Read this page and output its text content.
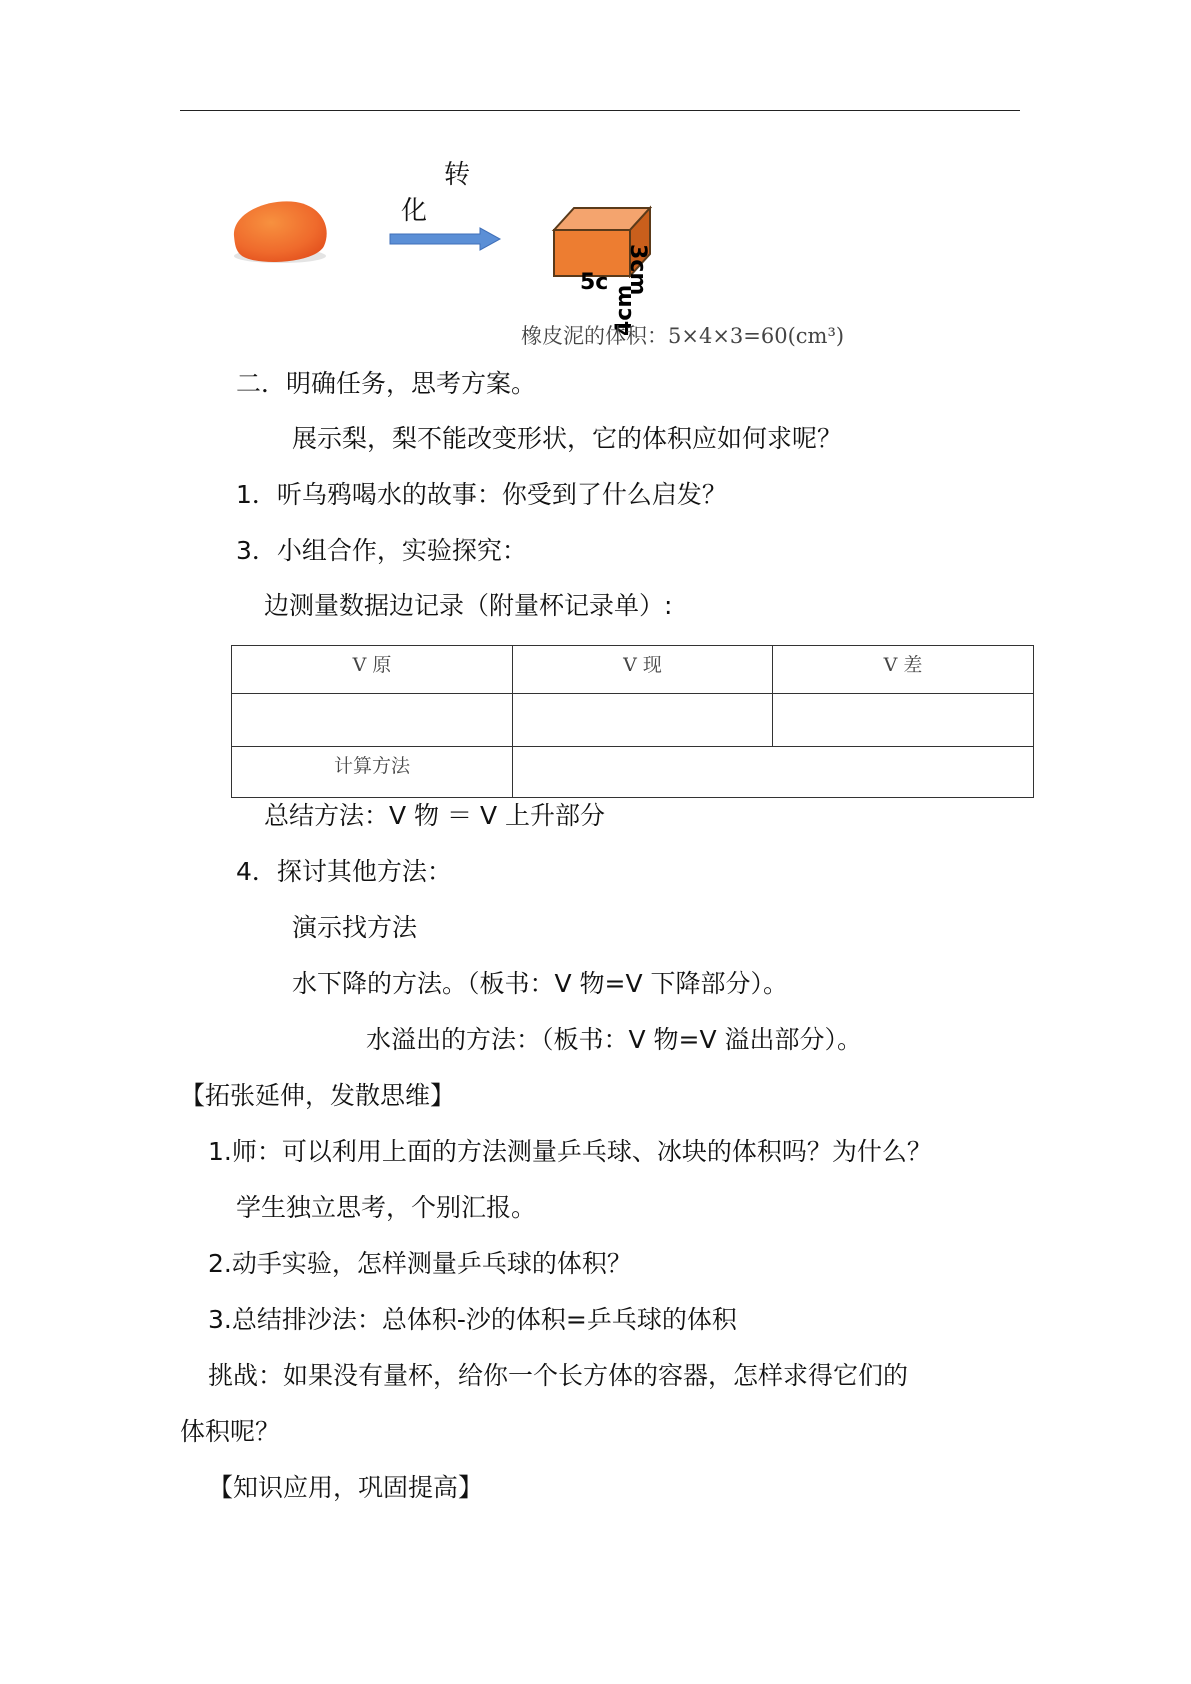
转
化
5c 3cm
4cm
橡皮泥的体积：5×4×3=60(cm³)
二．明确任务，思考方案。
展示梨，梨不能改变形状，它的体积应如何求呢？
1．听乌鸦喝水的故事：你受到了什么启发？
3．小组合作，实验探究：
边测量数据边记录（附量杯记录单）:
V 原	V 现	V 差

计算方法		
总结方法：V 物 ＝ V 上升部分
4．探讨其他方法：
演示找方法
水下降的方法。（板书：V 物=V 下降部分）。
水溢出的方法：（板书：V 物=V 溢出部分）。
【拓张延伸，发散思维】
1.师：可以利用上面的方法测量乒乓球、冰块的体积吗？为什么？
学生独立思考，个别汇报。
2.动手实验，怎样测量乒乓球的体积？
3.总结排沙法：总体积-沙的体积=乒乓球的体积
挑战：如果没有量杯，给你一个长方体的容器，怎样求得它们的
体积呢？
【知识应用，巩固提高】
